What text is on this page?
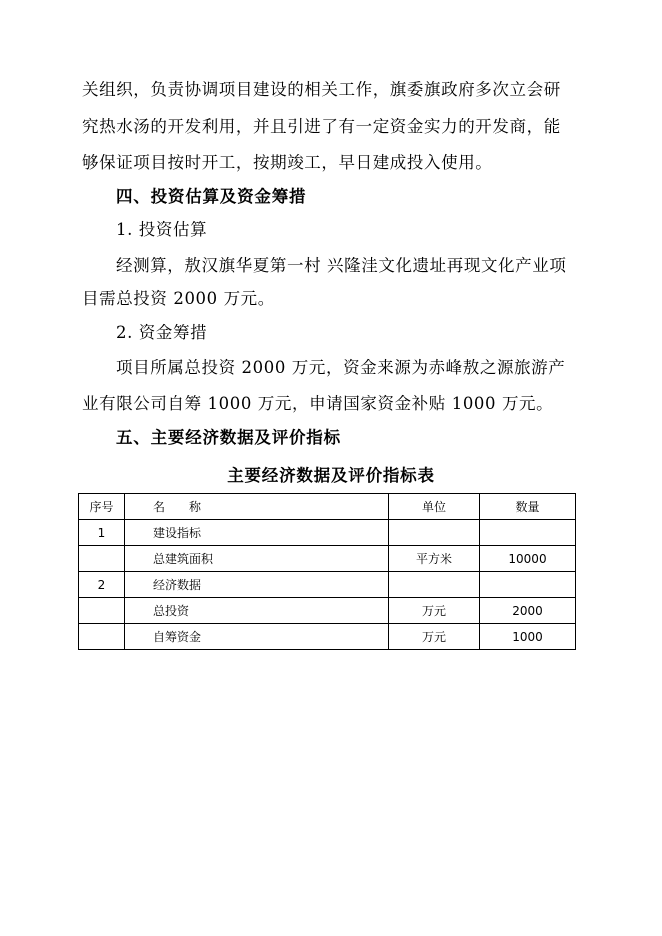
关组织，负责协调项目建设的相关工作，旗委旗政府多次立会研
究热水汤的开发利用，并且引进了有一定资金实力的开发商，能
够保证项目按时开工，按期竣工，早日建成投入使用。
四、投资估算及资金筹措
1. 投资估算
经测算，敖汉旗华夏第一村 兴隆洼文化遗址再现文化产业项
目需总投资 2000 万元。
2. 资金筹措
项目所属总投资 2000 万元，资金来源为赤峰敖之源旅游产
业有限公司自筹 1000 万元，申请国家资金补贴 1000 万元。
五、主要经济数据及评价指标
主要经济数据及评价指标表
序号	名　　称	单位	数量
1	建设指标		
	总建筑面积	平方米	10000
2	经济数据		
	总投资	万元	2000
	自筹资金	万元	1000
